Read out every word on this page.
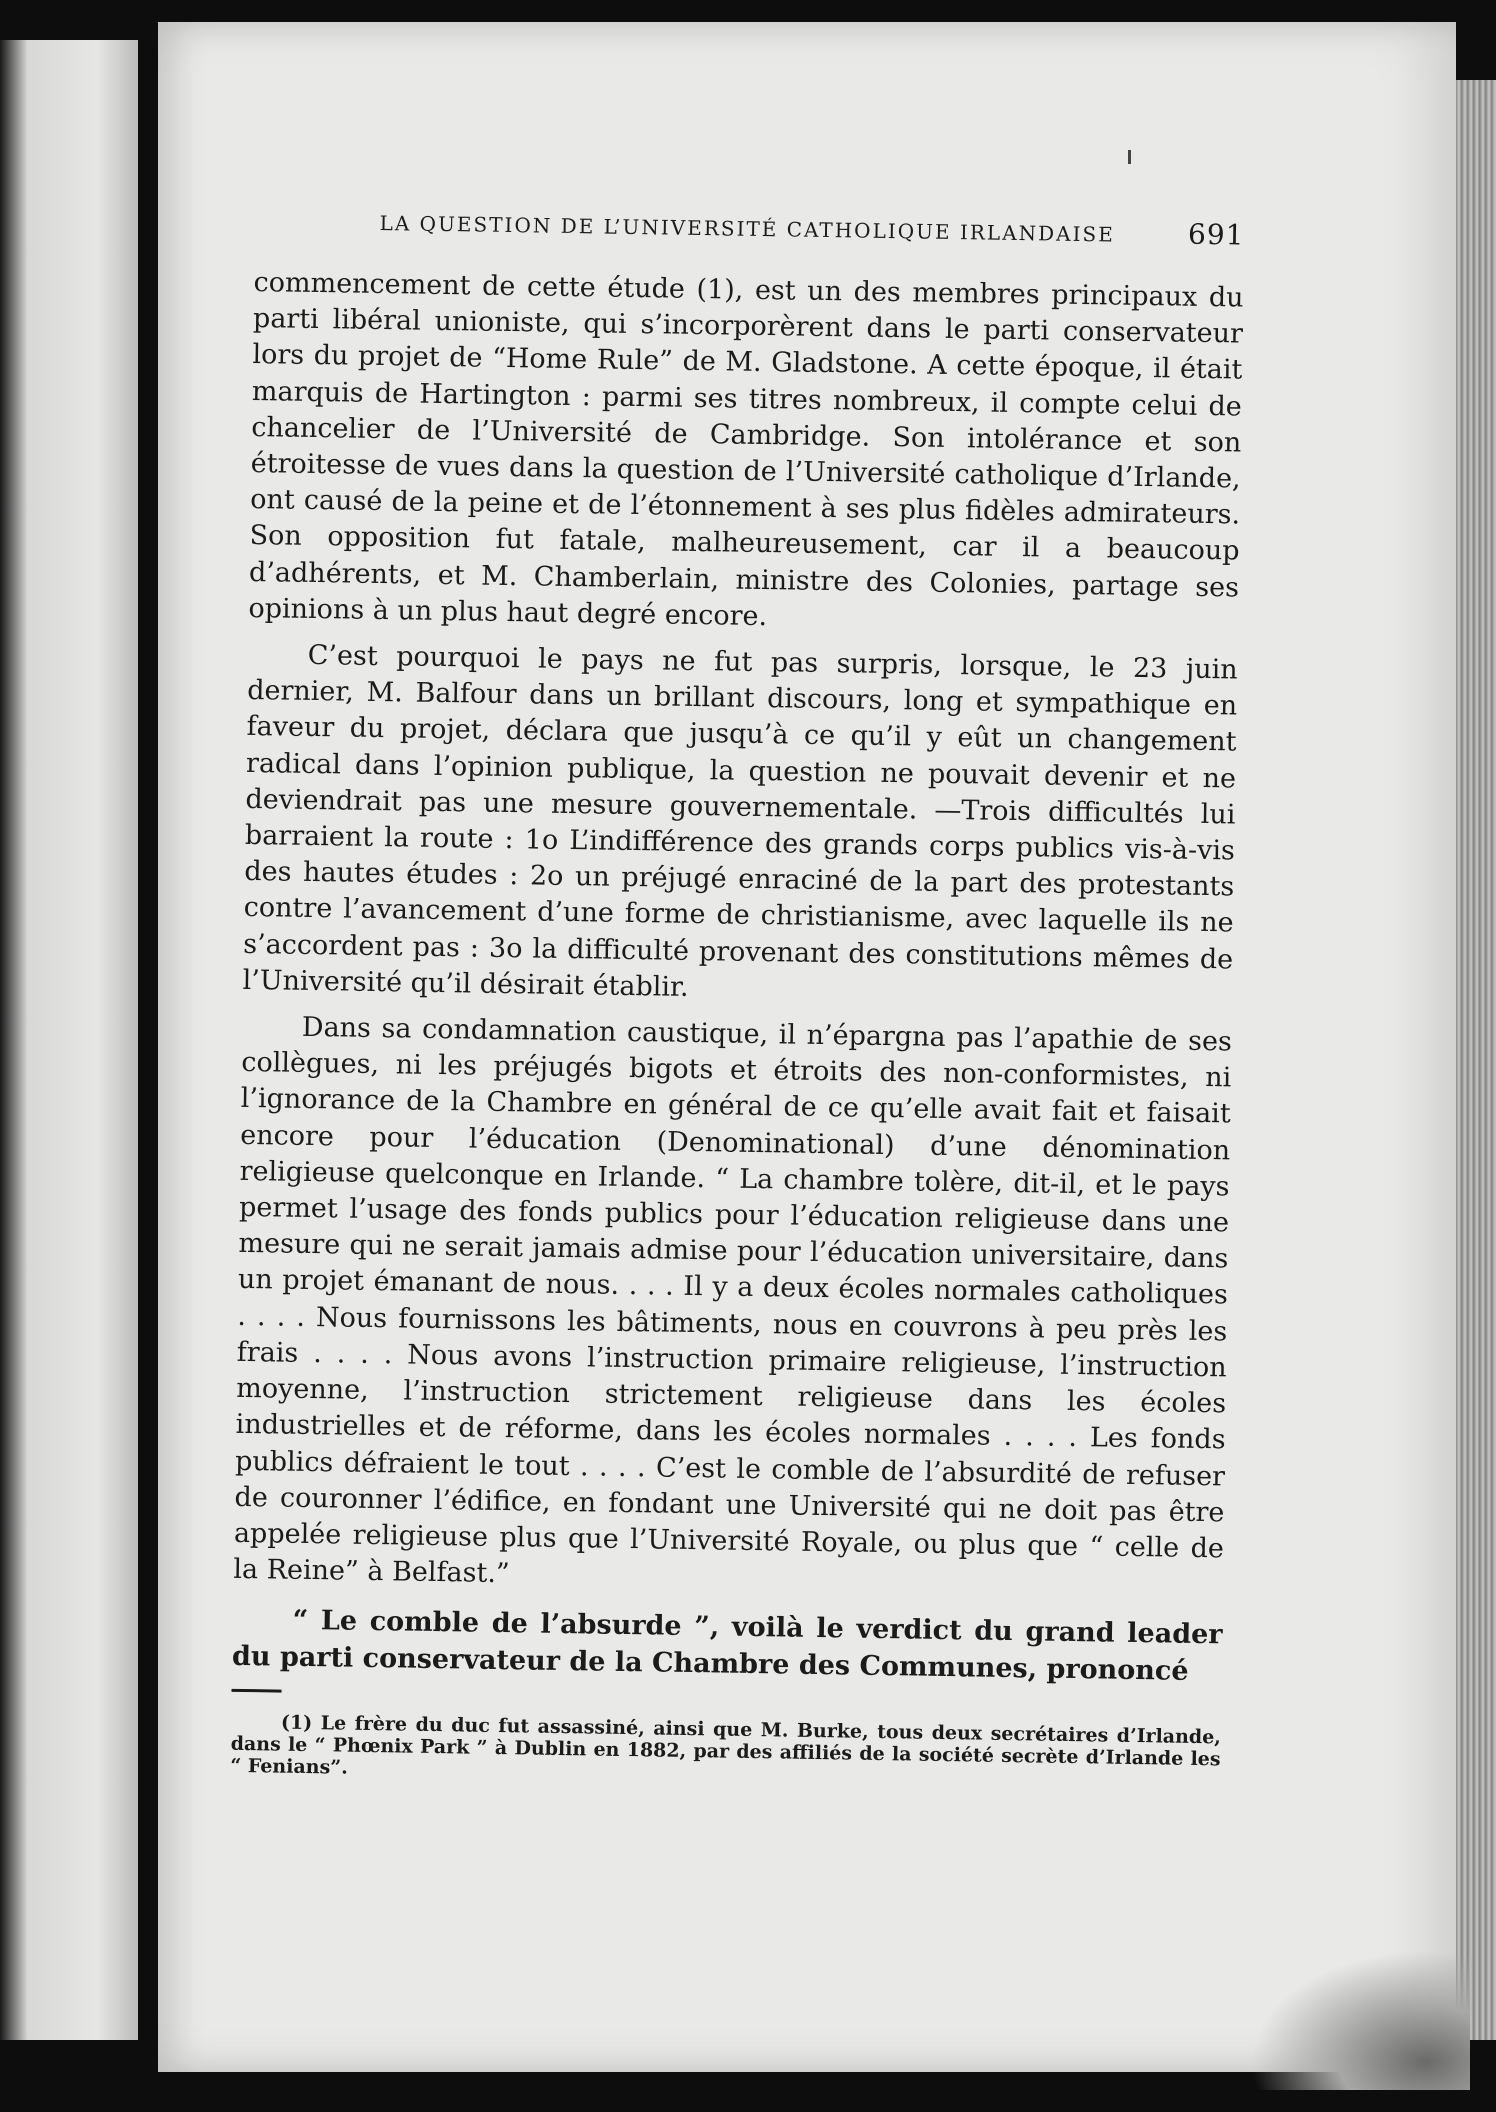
LA QUESTION DE L’UNIVERSITÉ CATHOLIQUE IRLANDAISE	691

commencement de cette étude (1), est un des membres principaux du parti libéral unioniste, qui s’incorporèrent dans le parti conservateur lors du projet de “Home Rule” de M. Gladstone. A cette époque, il était marquis de Hartington : parmi ses titres nombreux, il compte celui de chancelier de l’Université de Cambridge. Son intolérance et son étroitesse de vues dans la question de l’Université catholique d’Irlande, ont causé de la peine et de l’étonnement à ses plus fidèles admirateurs. Son opposition fut fatale, malheureusement, car il a beaucoup d’adhérents, et M. Chamberlain, ministre des Colonies, partage ses opinions à un plus haut degré encore.

C’est pourquoi le pays ne fut pas surpris, lorsque, le 23 juin dernier, M. Balfour dans un brillant discours, long et sympathique en faveur du projet, déclara que jusqu’à ce qu’il y eût un changement radical dans l’opinion publique, la question ne pouvait devenir et ne deviendrait pas une mesure gouvernementale. —Trois difficultés lui barraient la route : 1o L’indifférence des grands corps publics vis-à-vis des hautes études : 2o un préjugé enraciné de la part des protestants contre l’avancement d’une forme de christianisme, avec laquelle ils ne s’accordent pas : 3o la difficulté provenant des constitutions mêmes de l’Université qu’il désirait établir.

Dans sa condamnation caustique, il n’épargna pas l’apathie de ses collègues, ni les préjugés bigots et étroits des non-conformistes, ni l’ignorance de la Chambre en général de ce qu’elle avait fait et faisait encore pour l’éducation (Denominational) d’une dénomination religieuse quelconque en Irlande. “ La chambre tolère, dit-il, et le pays permet l’usage des fonds publics pour l’éducation religieuse dans une mesure qui ne serait jamais admise pour l’éducation universitaire, dans un projet émanant de nous. . . . Il y a deux écoles normales catholiques . . . . Nous fournissons les bâtiments, nous en couvrons à peu près les frais . . . . Nous avons l’instruction primaire religieuse, l’instruction moyenne, l’instruction strictement religieuse dans les écoles industrielles et de réforme, dans les écoles normales . . . . Les fonds publics défraient le tout . . . . C’est le comble de l’absurdité de refuser de couronner l’édifice, en fondant une Université qui ne doit pas être appelée religieuse plus que l’Université Royale, ou plus que “ celle de la Reine” à Belfast.”

“ Le comble de l’absurde ”, voilà le verdict du grand leader du parti conservateur de la Chambre des Communes, prononcé

(1) Le frère du duc fut assassiné, ainsi que M. Burke, tous deux secrétaires d’Irlande, dans le “ Phœnix Park ” à Dublin en 1882, par des affiliés de la société secrète d’Irlande les “ Fenians”.
